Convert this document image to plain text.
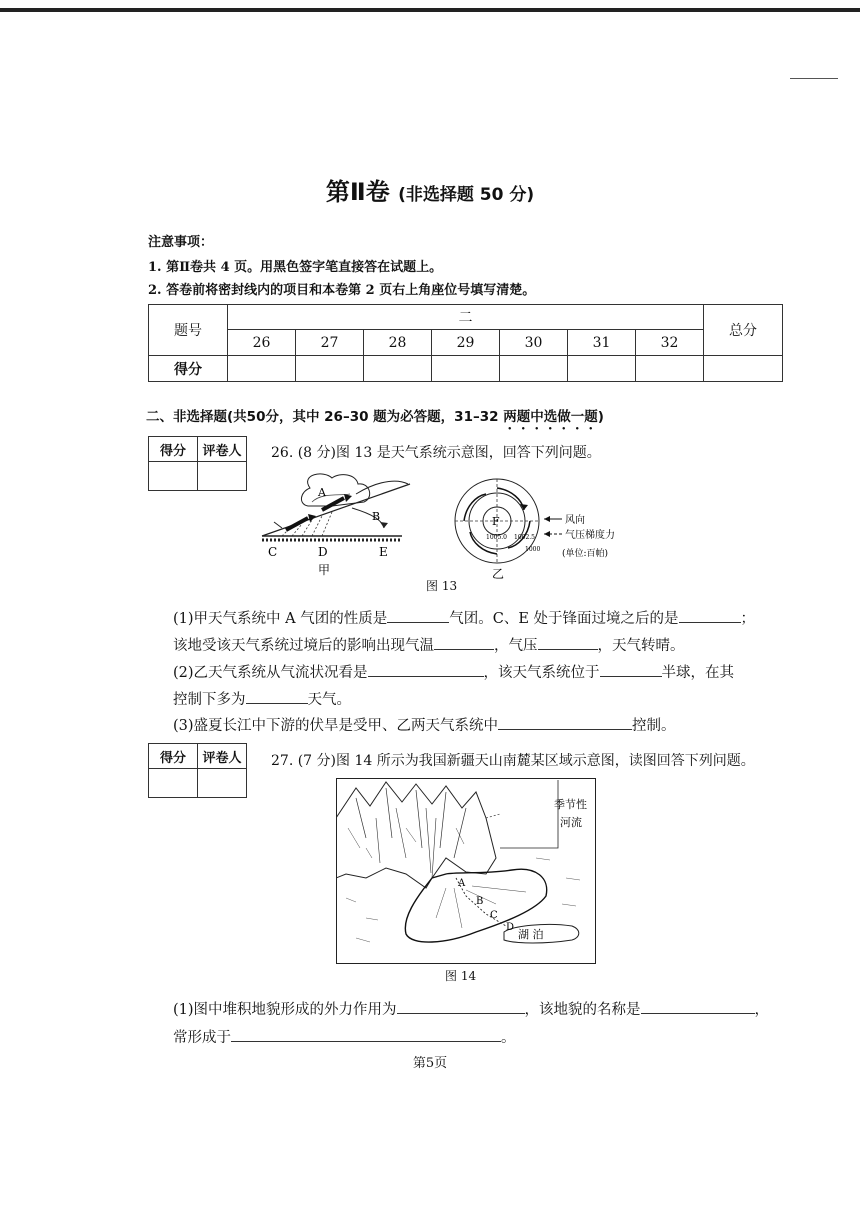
第Ⅱ卷 (非选择题 50 分)
注意事项：
1. 第Ⅱ卷共 4 页。用黑色签字笔直接答在试题上。
2. 答卷前将密封线内的项目和本卷第 2 页右上角座位号填写清楚。
题号	二							总分
	26	27	28	29	30	31	32	
得分								
二、非选择题(共50分，其中 26–30 题为必答题，31–32 两题中选做一题)
得分	评卷人
	26. (8 分)图 13 是天气系统示意图，回答下列问题。
A
B
C	D	E
甲
F
1005.0 1002.5
1000
风向
气压梯度力
(单位:百帕)
乙
图 13
(1)甲天气系统中 A 气团的性质是	气团。C、E 处于锋面过境之后的是	；
该地受该天气系统过境后的影响出现气温	，气压	，天气转晴。
(2)乙天气系统从气流状况看是	，该天气系统位于	半球，在其
控制下多为	天气。
(3)盛夏长江中下游的伏旱是受甲、乙两天气系统中	控制。
得分	评卷人
	27. (7 分)图 14 所示为我国新疆天山南麓某区域示意图，读图回答下列问题。
季节性
河流
A
B
C
D
湖 泊
图 14
(1)图中堆积地貌形成的外力作用为	，该地貌的名称是	，
常形成于	。
第5页
